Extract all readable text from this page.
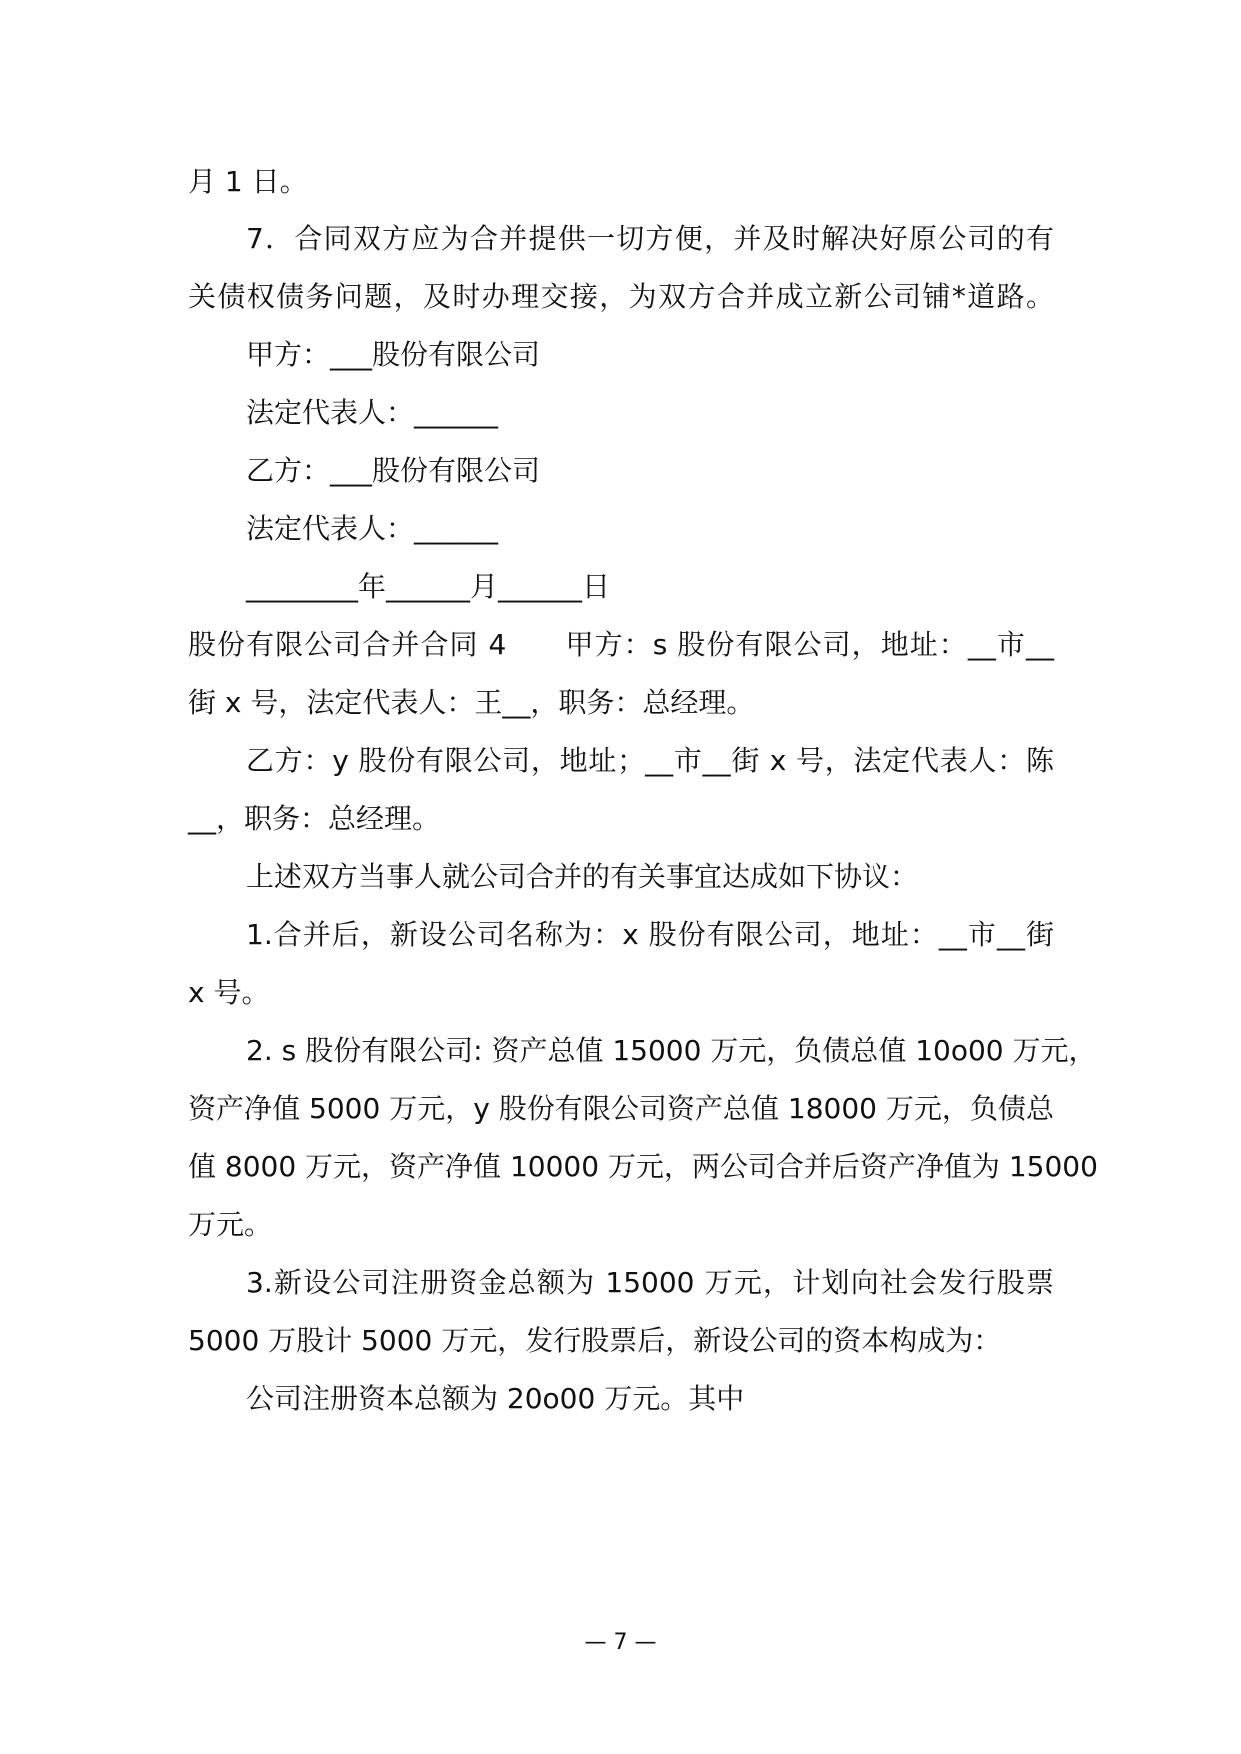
月 1 日。
7．合同双方应为合并提供一切方便，并及时解决好原公司的有
关债权债务问题，及时办理交接，为双方合并成立新公司铺*道路。
甲方：___股份有限公司
法定代表人：______
乙方：___股份有限公司
法定代表人：______
________年______月______日
股份有限公司合并合同 4　　甲方：s 股份有限公司，地址：__市__
街 x 号，法定代表人：王__，职务：总经理。
乙方：y 股份有限公司，地址；__市__街 x 号，法定代表人：陈
__，职务：总经理。
上述双方当事人就公司合并的有关事宜达成如下协议：
1.合并后，新设公司名称为：x 股份有限公司，地址：__市__街
x 号。
2. s 股份有限公司: 资产总值 15000 万元，负债总值 10o00 万元，
资产净值 5000 万元，y 股份有限公司资产总值 18000 万元，负债总
值 8000 万元，资产净值 10000 万元，两公司合并后资产净值为 15000
万元。
3.新设公司注册资金总额为 15000 万元，计划向社会发行股票
5000 万股计 5000 万元，发行股票后，新设公司的资本构成为：
公司注册资本总额为 20o00 万元。其中
— 7 —
